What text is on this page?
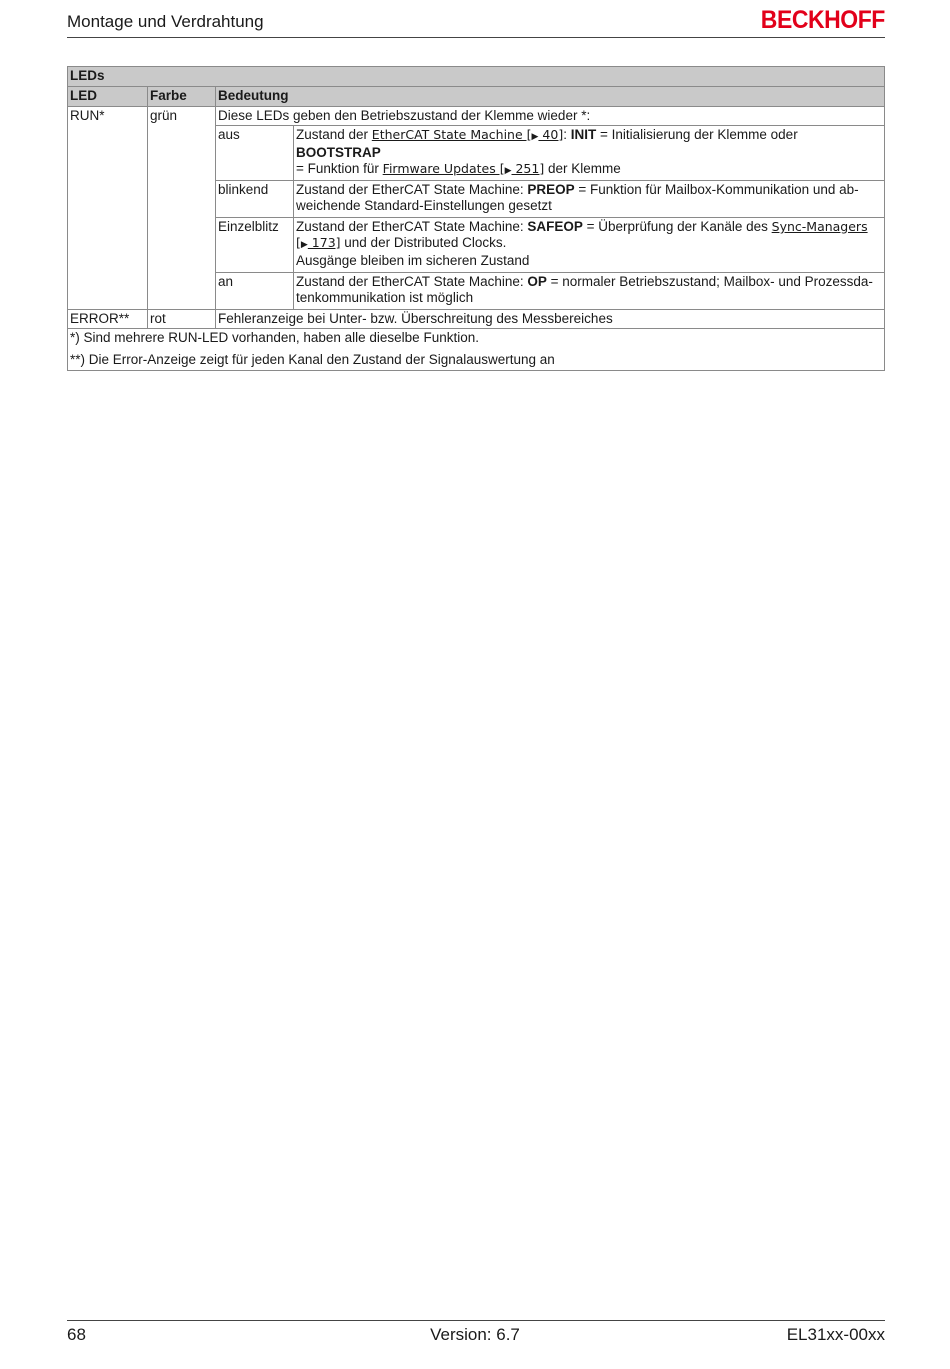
Montage und Verdrahtung	BECKHOFF
LEDs			
LED	Farbe	Bedeutung	
RUN*	grün	Diese LEDs geben den Betriebszustand der Klemme wieder *:	
		aus	Zustand der EtherCAT State Machine [▶ 40]: INIT = Initialisierung der Klemme oder BOOTSTRAP
= Funktion für Firmware Updates [▶ 251] der Klemme
		blinkend	Zustand der EtherCAT State Machine: PREOP = Funktion für Mailbox-Kommunikation und ab-weichende Standard-Einstellungen gesetzt
		Einzelblitz	Zustand der EtherCAT State Machine: SAFEOP = Überprüfung der Kanäle des Sync-Managers
[▶ 173] und der Distributed Clocks.
Ausgänge bleiben im sicheren Zustand
		an	Zustand der EtherCAT State Machine: OP = normaler Betriebszustand; Mailbox- und Prozessda-tenkommunikation ist möglich
ERROR**	rot	Fehleranzeige bei Unter- bzw. Überschreitung des Messbereiches	

*) Sind mehrere RUN-LED vorhanden, haben alle dieselbe Funktion.
**) Die Error-Anzeige zeigt für jeden Kanal den Zustand der Signalauswertung an			
68	Version: 6.7	EL31xx-00xx
